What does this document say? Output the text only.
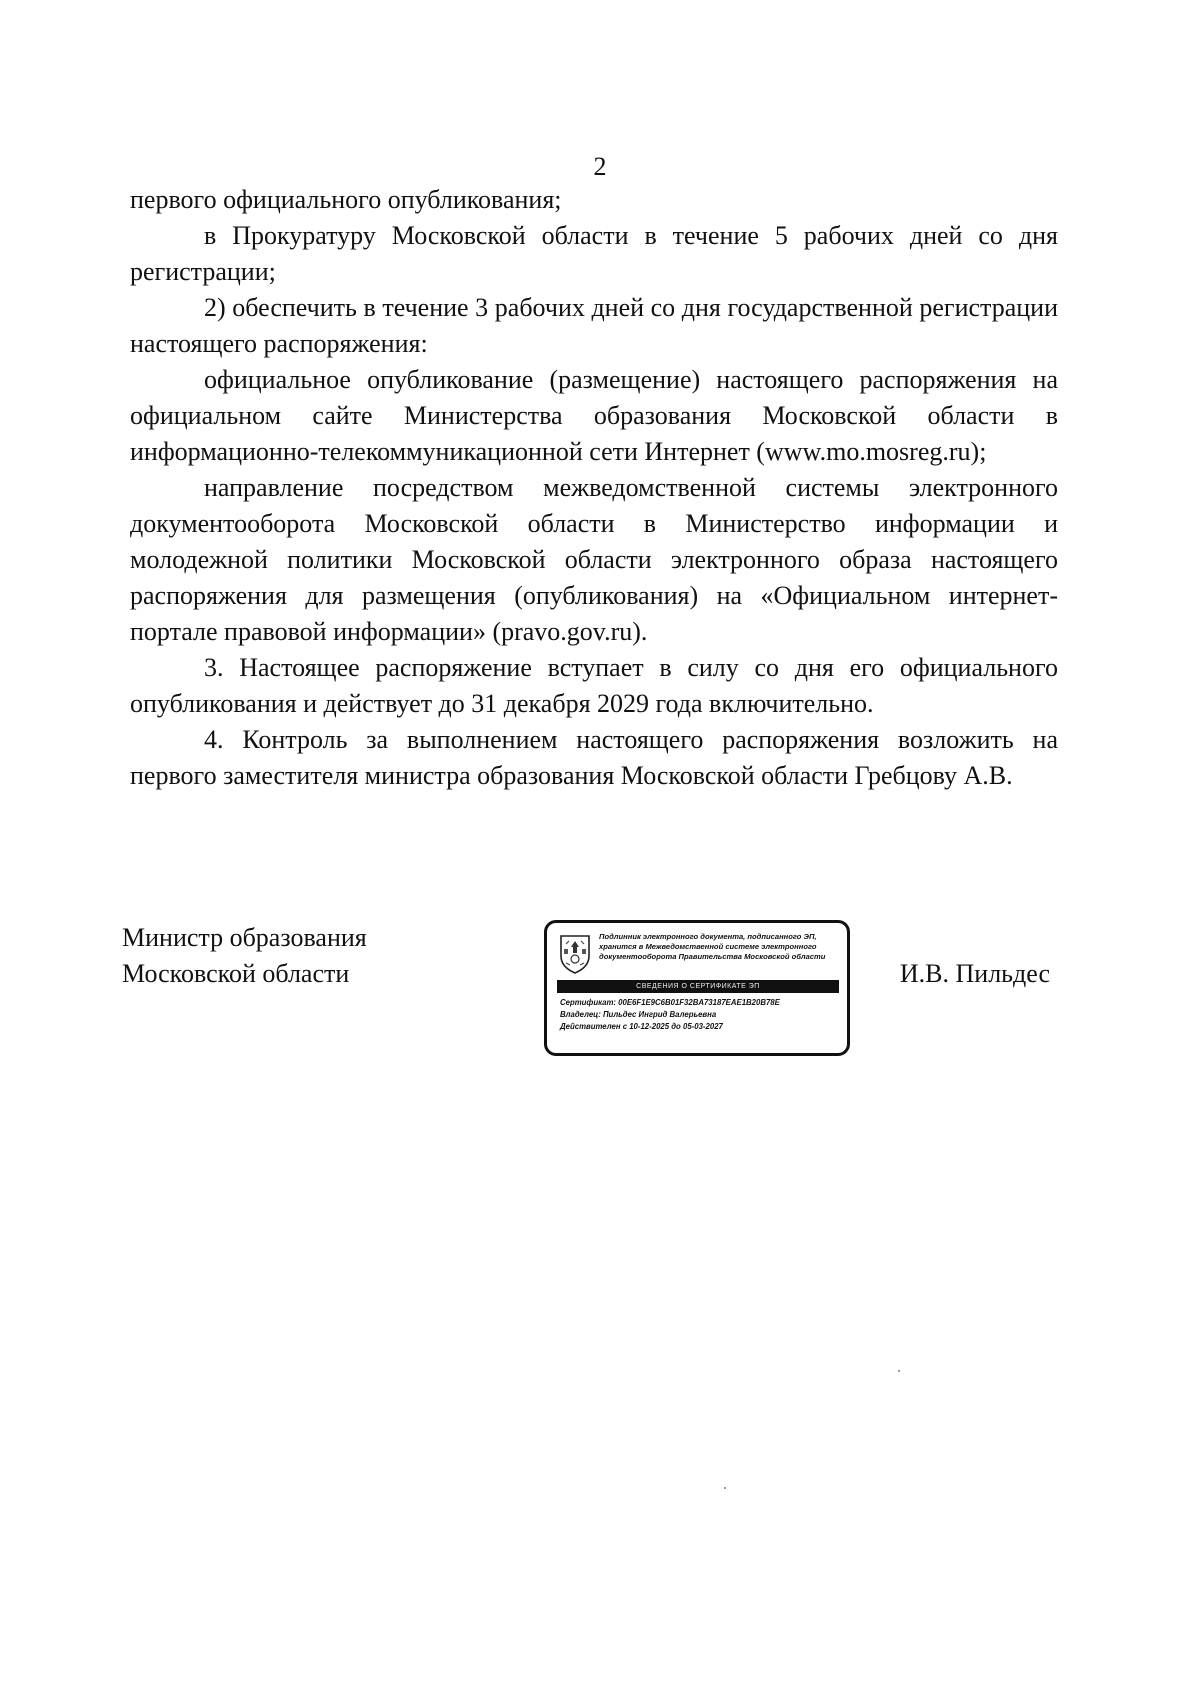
2

первого официального опубликования;

в Прокуратуру Московской области в течение 5 рабочих дней со дня регистрации;

2) обеспечить в течение 3 рабочих дней со дня государственной регистрации настоящего распоряжения:

официальное опубликование (размещение) настоящего распоряжения на официальном сайте Министерства образования Московской области в информационно-телекоммуникационной сети Интернет (www.mo.mosreg.ru);

направление посредством межведомственной системы электронного документооборота Московской области в Министерство информации и молодежной политики Московской области электронного образа настоящего распоряжения для размещения (опубликования) на «Официальном интернет-портале правовой информации» (pravo.gov.ru).

3. Настоящее распоряжение вступает в силу со дня его официального опубликования и действует до 31 декабря 2029 года включительно.

4. Контроль за выполнением настоящего распоряжения возложить на первого заместителя министра образования Московской области Гребцову А.В.

Министр образования
Московской области
Подлинник электронного документа, подписанного ЭП,
хранится в Межведомственной системе электронного
документооборота Правительства Московской области
СВЕДЕНИЯ О СЕРТИФИКАТЕ ЭП
Сертификат: 00E6F1E9C6B01F32BA73187EAE1B20B78E
Владелец: Пильдес Ингрид Валерьевна
Действителен с 10-12-2025 до 05-03-2027
И.В. Пильдес
